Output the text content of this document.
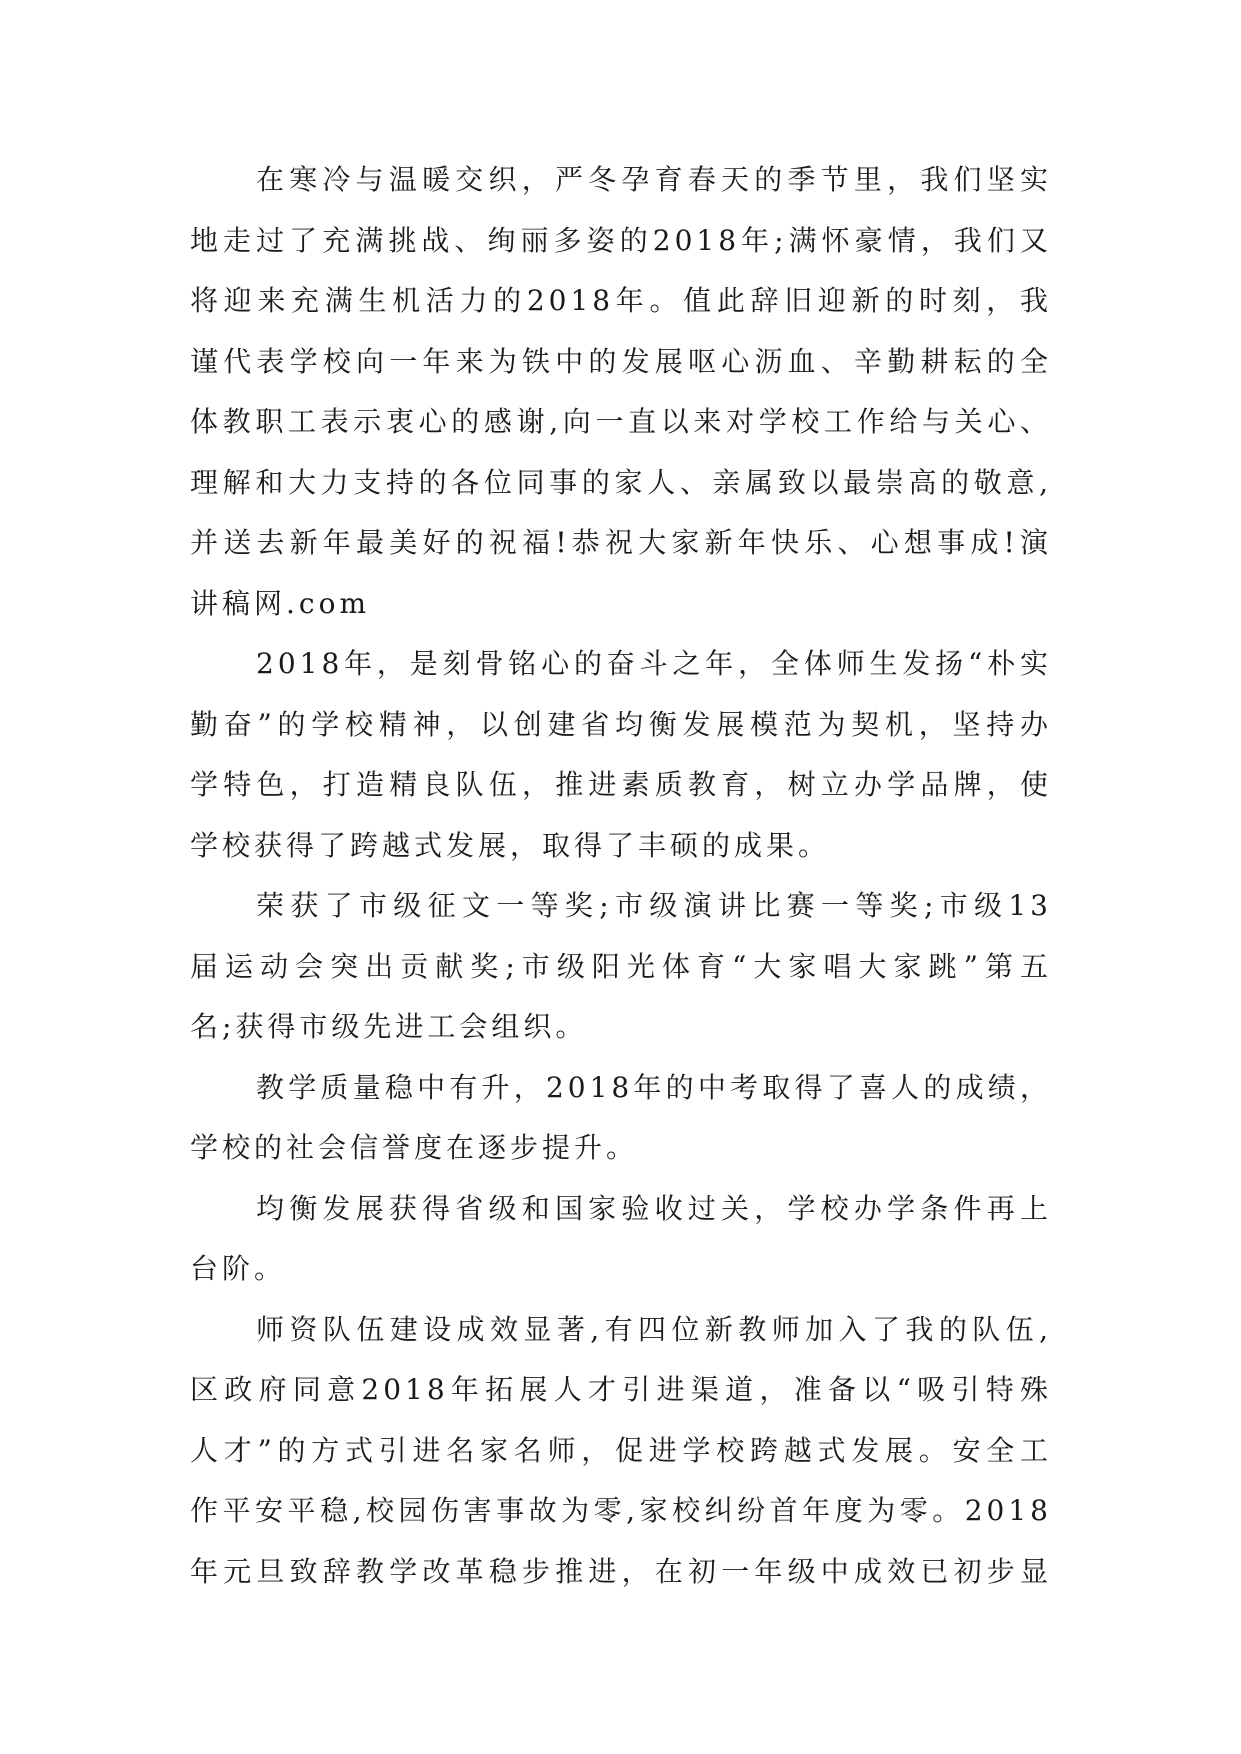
在寒冷与温暖交织，严冬孕育春天的季节里，我们坚实
地走过了充满挑战、绚丽多姿的2018年;满怀豪情，我们又
将迎来充满生机活力的2018年。值此辞旧迎新的时刻，我
谨代表学校向一年来为铁中的发展呕心沥血、辛勤耕耘的全
体教职工表示衷心的感谢,向一直以来对学校工作给与关心、
理解和大力支持的各位同事的家人、亲属致以最崇高的敬意,
并送去新年最美好的祝福!恭祝大家新年快乐、心想事成!演
讲稿网.com
2018年，是刻骨铭心的奋斗之年，全体师生发扬“朴实
勤奋”的学校精神，以创建省均衡发展模范为契机，坚持办
学特色，打造精良队伍，推进素质教育，树立办学品牌，使
学校获得了跨越式发展，取得了丰硕的成果。
荣获了市级征文一等奖;市级演讲比赛一等奖;市级13
届运动会突出贡献奖;市级阳光体育“大家唱大家跳”第五
名;获得市级先进工会组织。
教学质量稳中有升，2018年的中考取得了喜人的成绩，
学校的社会信誉度在逐步提升。
均衡发展获得省级和国家验收过关，学校办学条件再上
台阶。
师资队伍建设成效显著,有四位新教师加入了我的队伍,
区政府同意2018年拓展人才引进渠道，准备以“吸引特殊
人才”的方式引进名家名师，促进学校跨越式发展。安全工
作平安平稳,校园伤害事故为零,家校纠纷首年度为零。2018
年元旦致辞教学改革稳步推进，在初一年级中成效已初步显
